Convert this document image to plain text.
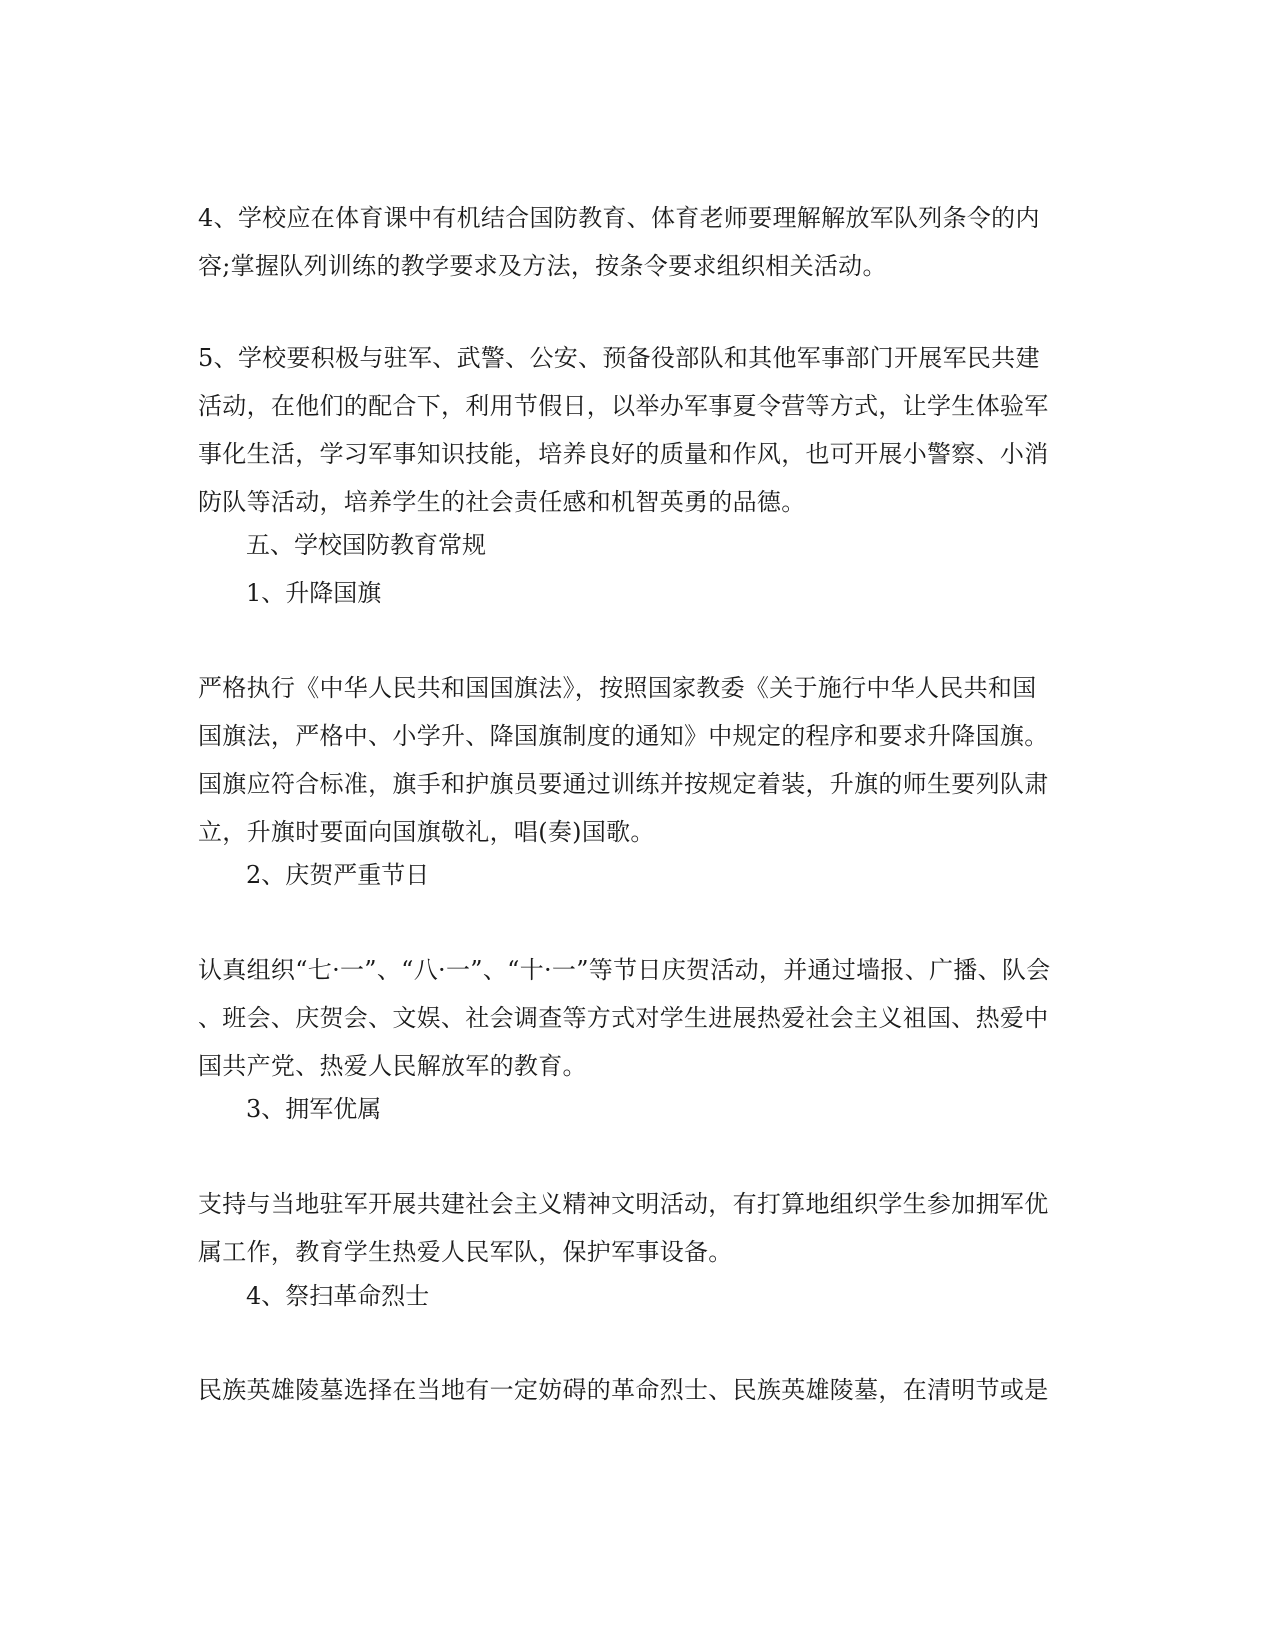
4、学校应在体育课中有机结合国防教育、体育老师要理解解放军队列条令的内
容;掌握队列训练的教学要求及方法，按条令要求组织相关活动。
5、学校要积极与驻军、武警、公安、预备役部队和其他军事部门开展军民共建
活动，在他们的配合下，利用节假日，以举办军事夏令营等方式，让学生体验军
事化生活，学习军事知识技能，培养良好的质量和作风，也可开展小警察、小消
防队等活动，培养学生的社会责任感和机智英勇的品德。
五、学校国防教育常规
1、升降国旗
严格执行《中华人民共和国国旗法》，按照国家教委《关于施行中华人民共和国
国旗法，严格中、小学升、降国旗制度的通知》中规定的程序和要求升降国旗。
国旗应符合标准，旗手和护旗员要通过训练并按规定着装，升旗的师生要列队肃
立，升旗时要面向国旗敬礼，唱(奏)国歌。
2、庆贺严重节日
认真组织“七·一”、“八·一”、“十·一”等节日庆贺活动，并通过墙报、广播、队会
、班会、庆贺会、文娱、社会调查等方式对学生进展热爱社会主义祖国、热爱中
国共产党、热爱人民解放军的教育。
3、拥军优属
支持与当地驻军开展共建社会主义精神文明活动，有打算地组织学生参加拥军优
属工作，教育学生热爱人民军队，保护军事设备。
4、祭扫革命烈士
民族英雄陵墓选择在当地有一定妨碍的革命烈士、民族英雄陵墓，在清明节或是
